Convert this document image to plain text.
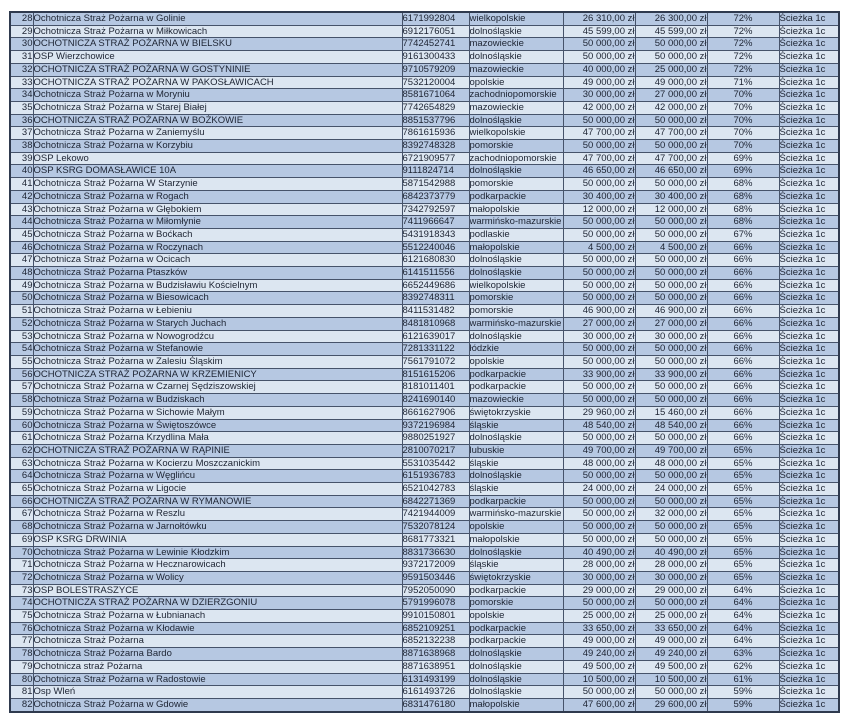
28	Ochotnicza Straż Pożarna w Golinie	6171992804	wielkopolskie	26 310,00 zł	26 300,00 zł	72%	Ścieżka 1c
29	Ochotnicza Straż Pożarna w Miłkowicach	6912176051	dolnośląskie	45 599,00 zł	45 599,00 zł	72%	Ścieżka 1c
30	OCHOTNICZA STRAŻ POŻARNA W BIELSKU	7742452741	mazowieckie	50 000,00 zł	50 000,00 zł	72%	Ścieżka 1c
31	OSP Wierzchowice	9161300433	dolnośląskie	50 000,00 zł	50 000,00 zł	72%	Ścieżka 1c
32	OCHOTNICZA STRAŻ POŻARNA W GOSTYNINIE	9710579209	mazowieckie	40 000,00 zł	25 000,00 zł	72%	Ścieżka 1c
33	OCHOTNICZA STRAŻ POŻARNA W PAKOSŁAWICACH	7532120004	opolskie	49 000,00 zł	49 000,00 zł	71%	Ścieżka 1c
34	Ochotnicza Straż Pożarna w Moryniu	8581671064	zachodniopomorskie	30 000,00 zł	27 000,00 zł	70%	Ścieżka 1c
35	Ochotnicza Straż Pożarna w Starej Białej	7742654829	mazowieckie	42 000,00 zł	42 000,00 zł	70%	Ścieżka 1c
36	OCHOTNICZA STRAŻ POŻARNA W BOŻKOWIE	8851537796	dolnośląskie	50 000,00 zł	50 000,00 zł	70%	Ścieżka 1c
37	Ochotnicza Straż Pożarna w Zaniemyślu	7861615936	wielkopolskie	47 700,00 zł	47 700,00 zł	70%	Ścieżka 1c
38	Ochotnicza Straż Pożarna w Korzybiu	8392748328	pomorskie	50 000,00 zł	50 000,00 zł	70%	Ścieżka 1c
39	OSP Lekowo	6721909577	zachodniopomorskie	47 700,00 zł	47 700,00 zł	69%	Ścieżka 1c
40	OSP KSRG DOMASŁAWICE 10A	9111824714	dolnośląskie	46 650,00 zł	46 650,00 zł	69%	Ścieżka 1c
41	Ochotnicza Straż Pożarna W Starzynie	5871542988	pomorskie	50 000,00 zł	50 000,00 zł	68%	Ścieżka 1c
42	Ochotnicza Straż Pożarna w Rogach	6842373779	podkarpackie	30 400,00 zł	30 400,00 zł	68%	Ścieżka 1c
43	Ochotnicza Straż Pożarna w Głębokiem	7342792597	małopolskie	12 000,00 zł	12 000,00 zł	68%	Ścieżka 1c
44	Ochotnicza Straż Pożarna w Miłomłynie	7411966647	warmińsko-mazurskie	50 000,00 zł	50 000,00 zł	68%	Ścieżka 1c
45	Ochotnicza Straż Pożarna w Boćkach	5431918343	podlaskie	50 000,00 zł	50 000,00 zł	67%	Ścieżka 1c
46	Ochotnicza Straż Pożarna w Roczynach	5512240046	małopolskie	4 500,00 zł	4 500,00 zł	66%	Ścieżka 1c
47	Ochotnicza Straż Pożarna w Ocicach	6121680830	dolnośląskie	50 000,00 zł	50 000,00 zł	66%	Ścieżka 1c
48	Ochotnicza Straż Pożarna Ptaszków	6141511556	dolnośląskie	50 000,00 zł	50 000,00 zł	66%	Ścieżka 1c
49	Ochotnicza Straż Pożarna w Budzisławiu Kościelnym	6652449686	wielkopolskie	50 000,00 zł	50 000,00 zł	66%	Ścieżka 1c
50	Ochotnicza Straż Pożarna w Biesowicach	8392748311	pomorskie	50 000,00 zł	50 000,00 zł	66%	Ścieżka 1c
51	Ochotnicza Straż Pożarna w Łebieniu	8411531482	pomorskie	46 900,00 zł	46 900,00 zł	66%	Ścieżka 1c
52	Ochotnicza Straż Pożarna w Starych Juchach	8481810968	warmińsko-mazurskie	27 000,00 zł	27 000,00 zł	66%	Ścieżka 1c
53	Ochotnicza Straż Pożarna w Nowogrodźcu	6121639017	dolnośląskie	30 000,00 zł	30 000,00 zł	66%	Ścieżka 1c
54	Ochotnicza Straż Pożarna w Stefanowie	7281331122	łódzkie	50 000,00 zł	50 000,00 zł	66%	Ścieżka 1c
55	Ochotnicza Straż Pożarna w Zalesiu Śląskim	7561791072	opolskie	50 000,00 zł	50 000,00 zł	66%	Ścieżka 1c
56	OCHOTNICZA STRAŻ POŻARNA W KRZEMIENICY	8151615206	podkarpackie	33 900,00 zł	33 900,00 zł	66%	Ścieżka 1c
57	Ochotnicza Straż Pożarna w Czarnej Sędziszowskiej	8181011401	podkarpackie	50 000,00 zł	50 000,00 zł	66%	Ścieżka 1c
58	Ochotnicza Straż Pożarna w Budziskach	8241690140	mazowieckie	50 000,00 zł	50 000,00 zł	66%	Ścieżka 1c
59	Ochotnicza Straż Pożarna w Sichowie Małym	8661627906	świętokrzyskie	29 960,00 zł	15 460,00 zł	66%	Ścieżka 1c
60	Ochotnicza Straż Pożarna w Świętoszówce	9372196984	śląskie	48 540,00 zł	48 540,00 zł	66%	Ścieżka 1c
61	Ochotnicza Straż Pożarna Krzydlina Mała	9880251927	dolnośląskie	50 000,00 zł	50 000,00 zł	66%	Ścieżka 1c
62	OCHOTNICZA STRAŻ POŻARNA W RĄPINIE	2810070217	lubuskie	49 700,00 zł	49 700,00 zł	65%	Ścieżka 1c
63	Ochotnicza Straż Pożarna w Kocierzu Moszczanickim	5531035442	śląskie	48 000,00 zł	48 000,00 zł	65%	Ścieżka 1c
64	Ochotnicza Straż Pożarna w Węglińcu	6151936783	dolnośląskie	50 000,00 zł	50 000,00 zł	65%	Ścieżka 1c
65	Ochotnicza Straż Pożarna w Ligocie	6521042783	śląskie	24 000,00 zł	24 000,00 zł	65%	Ścieżka 1c
66	OCHOTNICZA STRAŻ POŻARNA W RYMANOWIE	6842271369	podkarpackie	50 000,00 zł	50 000,00 zł	65%	Ścieżka 1c
67	Ochotnicza Straż Pożarna w Reszlu	7421944009	warmińsko-mazurskie	50 000,00 zł	32 000,00 zł	65%	Ścieżka 1c
68	Ochotnicza Straż Pożarna w Jarnołtówku	7532078124	opolskie	50 000,00 zł	50 000,00 zł	65%	Ścieżka 1c
69	OSP KSRG DRWINIA	8681773321	małopolskie	50 000,00 zł	50 000,00 zł	65%	Ścieżka 1c
70	Ochotnicza Straż Pożarna w Lewinie Kłodzkim	8831736630	dolnośląskie	40 490,00 zł	40 490,00 zł	65%	Ścieżka 1c
71	Ochotnicza Straż Pożarna w Hecznarowicach	9372172009	śląskie	28 000,00 zł	28 000,00 zł	65%	Ścieżka 1c
72	Ochotnicza Straż Pożarna w Wolicy	9591503446	świętokrzyskie	30 000,00 zł	30 000,00 zł	65%	Ścieżka 1c
73	OSP BOLESTRASZYCE	7952050090	podkarpackie	29 000,00 zł	29 000,00 zł	64%	Ścieżka 1c
74	OCHOTNICZA STRAŻ POŻARNA W DZIERZGONIU	5791996078	pomorskie	50 000,00 zł	50 000,00 zł	64%	Ścieżka 1c
75	Ochotnicza Straż Pożarna w Łubnianach	9910150801	opolskie	25 000,00 zł	25 000,00 zł	64%	Ścieżka 1c
76	Ochotnicza Straż Pożarna w Kłodawie	6852109251	podkarpackie	33 650,00 zł	33 650,00 zł	64%	Ścieżka 1c
77	Ochotnicza Straż Pożarna	6852132238	podkarpackie	49 000,00 zł	49 000,00 zł	64%	Ścieżka 1c
78	Ochotnicza Straż Pożarna Bardo	8871638968	dolnośląskie	49 240,00 zł	49 240,00 zł	63%	Ścieżka 1c
79	Ochotnicza straż Pożarna	8871638951	dolnośląskie	49 500,00 zł	49 500,00 zł	62%	Ścieżka 1c
80	Ochotnicza Straż Pożarna w Radostowie	6131493199	dolnośląskie	10 500,00 zł	10 500,00 zł	61%	Ścieżka 1c
81	Osp Wleń	6161493726	dolnośląskie	50 000,00 zł	50 000,00 zł	59%	Ścieżka 1c
82	Ochotnicza Straż Pożarna w Gdowie	6831476180	małopolskie	47 600,00 zł	29 600,00 zł	59%	Ścieżka 1c
